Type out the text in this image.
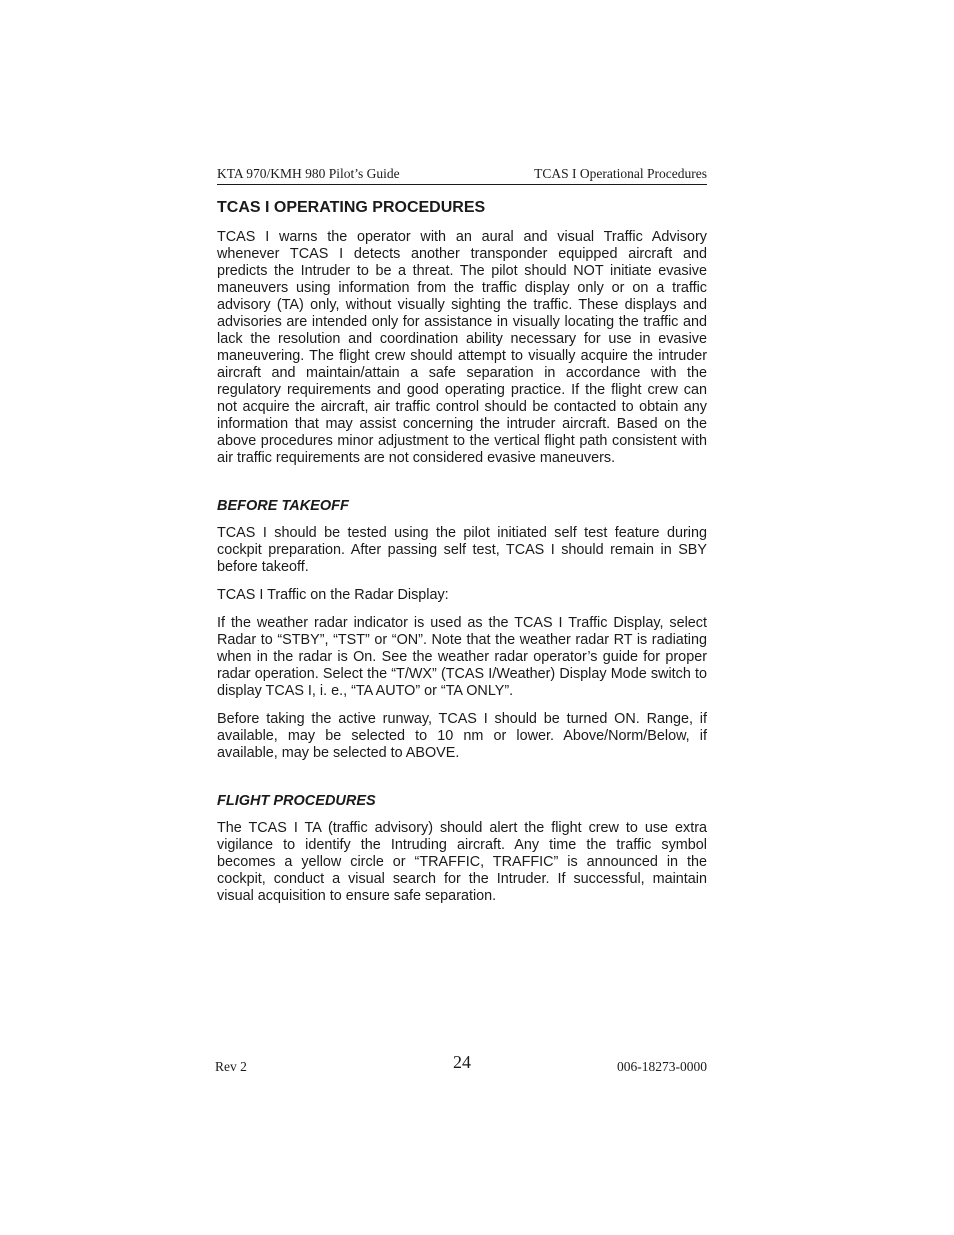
KTA 970/KMH 980 Pilot’s Guide	TCAS I Operational Procedures
TCAS I OPERATING PROCEDURES

TCAS I warns the operator with an aural and visual Traffic Advisory whenever TCAS I detects another transponder equipped aircraft and predicts the Intruder to be a threat. The pilot should NOT initiate evasive maneuvers using information from the traffic display only or on a traffic advisory (TA) only, without visually sighting the traffic. These displays and advisories are intended only for assistance in visually locating the traffic and lack the resolution and coordination ability necessary for use in evasive maneuvering. The flight crew should attempt to visually acquire the intruder aircraft and maintain/attain a safe separation in accordance with the regulatory requirements and good operating practice. If the flight crew can not acquire the aircraft, air traffic control should be contacted to obtain any information that may assist concerning the intruder aircraft. Based on the above procedures minor adjustment to the vertical flight path consistent with air traffic requirements are not considered evasive maneuvers.

BEFORE TAKEOFF

TCAS I should be tested using the pilot initiated self test feature during cockpit preparation. After passing self test, TCAS I should remain in SBY before takeoff.

TCAS I Traffic on the Radar Display:

If the weather radar indicator is used as the TCAS I Traffic Display, select Radar to “STBY”, “TST” or “ON”. Note that the weather radar RT is radiating when in the radar is On. See the weather radar operator’s guide for proper radar operation. Select the “T/WX” (TCAS I/Weather) Display Mode switch to display TCAS I, i. e., “TA AUTO” or “TA ONLY”.

Before taking the active runway, TCAS I should be turned ON. Range, if available, may be selected to 10 nm or lower. Above/Norm/Below, if available, may be selected to ABOVE.

FLIGHT PROCEDURES

The TCAS I TA (traffic advisory) should alert the flight crew to use extra vigilance to identify the Intruding aircraft. Any time the traffic symbol becomes a yellow circle or “TRAFFIC, TRAFFIC” is announced in the cockpit, conduct a visual search for the Intruder. If successful, maintain visual acquisition to ensure safe separation.

Rev 2	24	006-18273-0000
